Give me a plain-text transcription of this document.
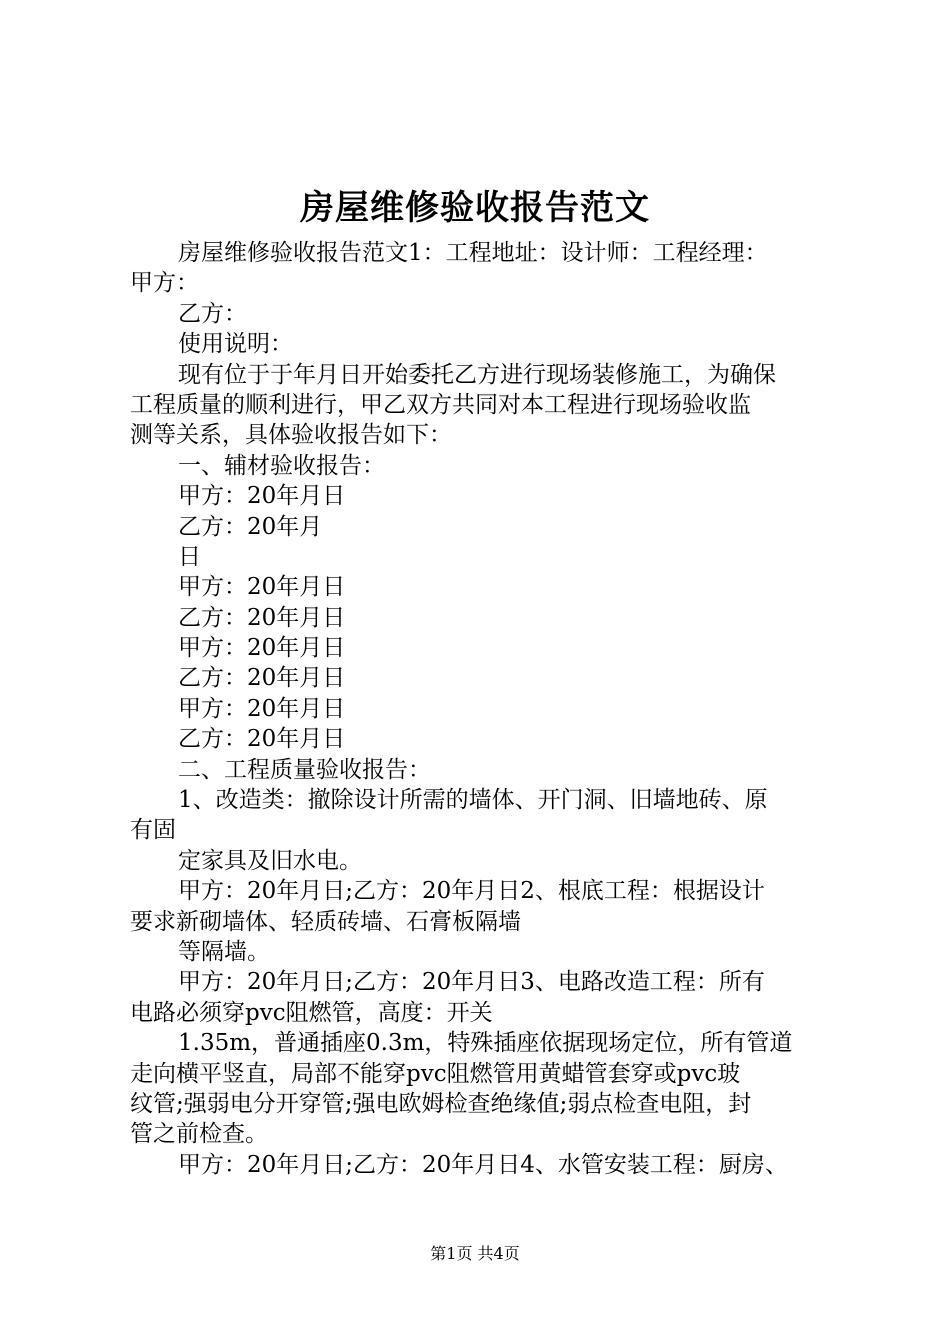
房屋维修验收报告范文
房屋维修验收报告范文1：工程地址：设计师：工程经理：
甲方：
乙方：
使用说明：
现有位于于年月日开始委托乙方进行现场装修施工，为确保
工程质量的顺利进行，甲乙双方共同对本工程进行现场验收监
测等关系，具体验收报告如下：
一、辅材验收报告：
甲方：20年月日
乙方：20年月
日
甲方：20年月日
乙方：20年月日
甲方：20年月日
乙方：20年月日
甲方：20年月日
乙方：20年月日
二、工程质量验收报告：
1、改造类：撤除设计所需的墙体、开门洞、旧墙地砖、原
有固
定家具及旧水电。
甲方：20年月日;乙方：20年月日2、根底工程：根据设计
要求新砌墙体、轻质砖墙、石膏板隔墙
等隔墙。
甲方：20年月日;乙方：20年月日3、电路改造工程：所有
电路必须穿pvc阻燃管，高度：开关
1.35m，普通插座0.3m，特殊插座依据现场定位，所有管道
走向横平竖直，局部不能穿pvc阻燃管用黄蜡管套穿或pvc玻
纹管;强弱电分开穿管;强电欧姆检查绝缘值;弱点检查电阻，封
管之前检查。
甲方：20年月日;乙方：20年月日4、水管安装工程：厨房、
第1页 共4页
